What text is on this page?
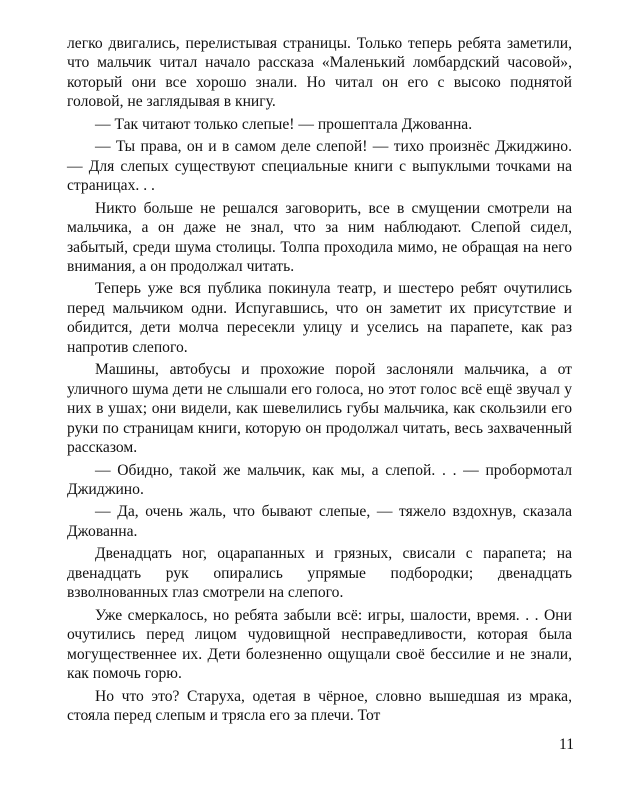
легко двигались, перелистывая страницы. Только теперь ребята заметили, что мальчик читал начало рассказа «Маленький ломбардский часовой», который они все хорошо знали. Но читал он его с высоко поднятой головой, не заглядывая в книгу.

— Так читают только слепые! — прошептала Джованна.

— Ты права, он и в самом деле слепой! — тихо произнёс Джиджино. — Для слепых существуют специальные книги с выпуклыми точками на страницах. . .

Никто больше не решался заговорить, все в смущении смотрели на мальчика, а он даже не знал, что за ним наблюдают. Слепой сидел, забытый, среди шума столицы. Толпа проходила мимо, не обращая на него внимания, а он продолжал читать.

Теперь уже вся публика покинула театр, и шестеро ребят очутились перед мальчиком одни. Испугавшись, что он заметит их присутствие и обидится, дети молча пересекли улицу и уселись на парапете, как раз напротив слепого.

Машины, автобусы и прохожие порой заслоняли мальчика, а от уличного шума дети не слышали его голоса, но этот голос всё ещё звучал у них в ушах; они видели, как шевелились губы мальчика, как скользили его руки по страницам книги, которую он продолжал читать, весь захваченный рассказом.

— Обидно, такой же мальчик, как мы, а слепой. . . — пробормотал Джиджино.

— Да, очень жаль, что бывают слепые, — тяжело вздохнув, сказала Джованна.

Двенадцать ног, оцарапанных и грязных, свисали с парапета; на двенадцать рук опирались упрямые подбородки; двенадцать взволнованных глаз смотрели на слепого.

Уже смеркалось, но ребята забыли всё: игры, шалости, время. . . Они очутились перед лицом чудовищной несправедливости, которая была могущественнее их. Дети болезненно ощущали своё бессилие и не знали, как помочь горю.

Но что это? Старуха, одетая в чёрное, словно вышедшая из мрака, стояла перед слепым и трясла его за плечи. Тот

11
